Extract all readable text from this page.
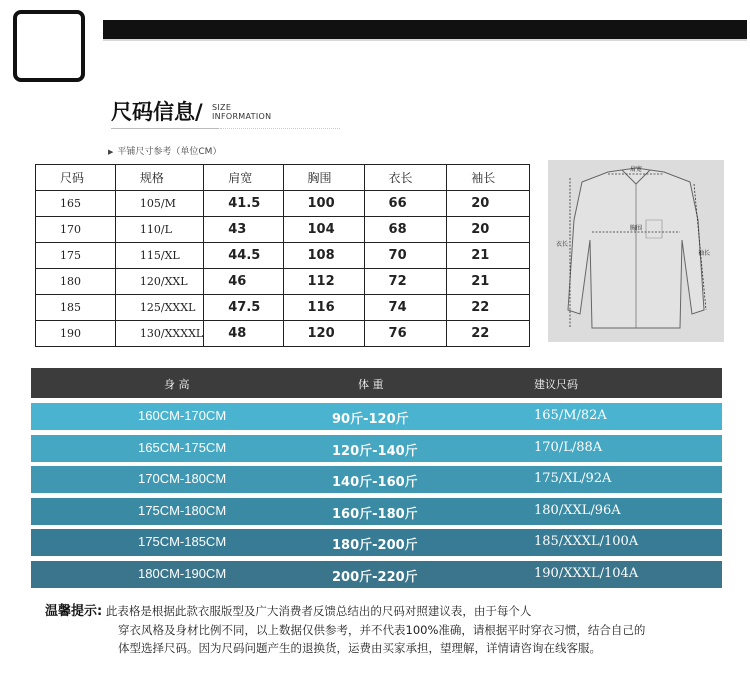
专注品质 一丝就很
尺码信息/ SIZE
INFORMATION
▶ 平铺尺寸参考（单位CM）
尺码	规格	肩宽	胸围	衣长	袖长
165	105/M	41.5	100	66	20
170	110/L	43	104	68	20
175	115/XL	44.5	108	70	21
180	120/XXL	46	112	72	21
185	125/XXXL	47.5	116	74	22
190	130/XXXXL	48	120	76	22
肩宽
胸围
衣长
袖长
身 高	体 重	建议尺码
160CM-170CM	90斤-120斤	165/M/82A
165CM-175CM	120斤-140斤	170/L/88A
170CM-180CM	140斤-160斤	175/XL/92A
175CM-180CM	160斤-180斤	180/XXL/96A
175CM-185CM	180斤-200斤	185/XXXL/100A
180CM-190CM	200斤-220斤	190/XXXL/104A
温馨提示: 此表格是根据此款衣服版型及广大消费者反馈总结出的尺码对照建议表，由于每个人
穿衣风格及身材比例不同，以上数据仅供参考，并不代表100%准确，请根据平时穿衣习惯，结合自己的
体型选择尺码。因为尺码问题产生的退换货，运费由买家承担，望理解，详情请咨询在线客服。
